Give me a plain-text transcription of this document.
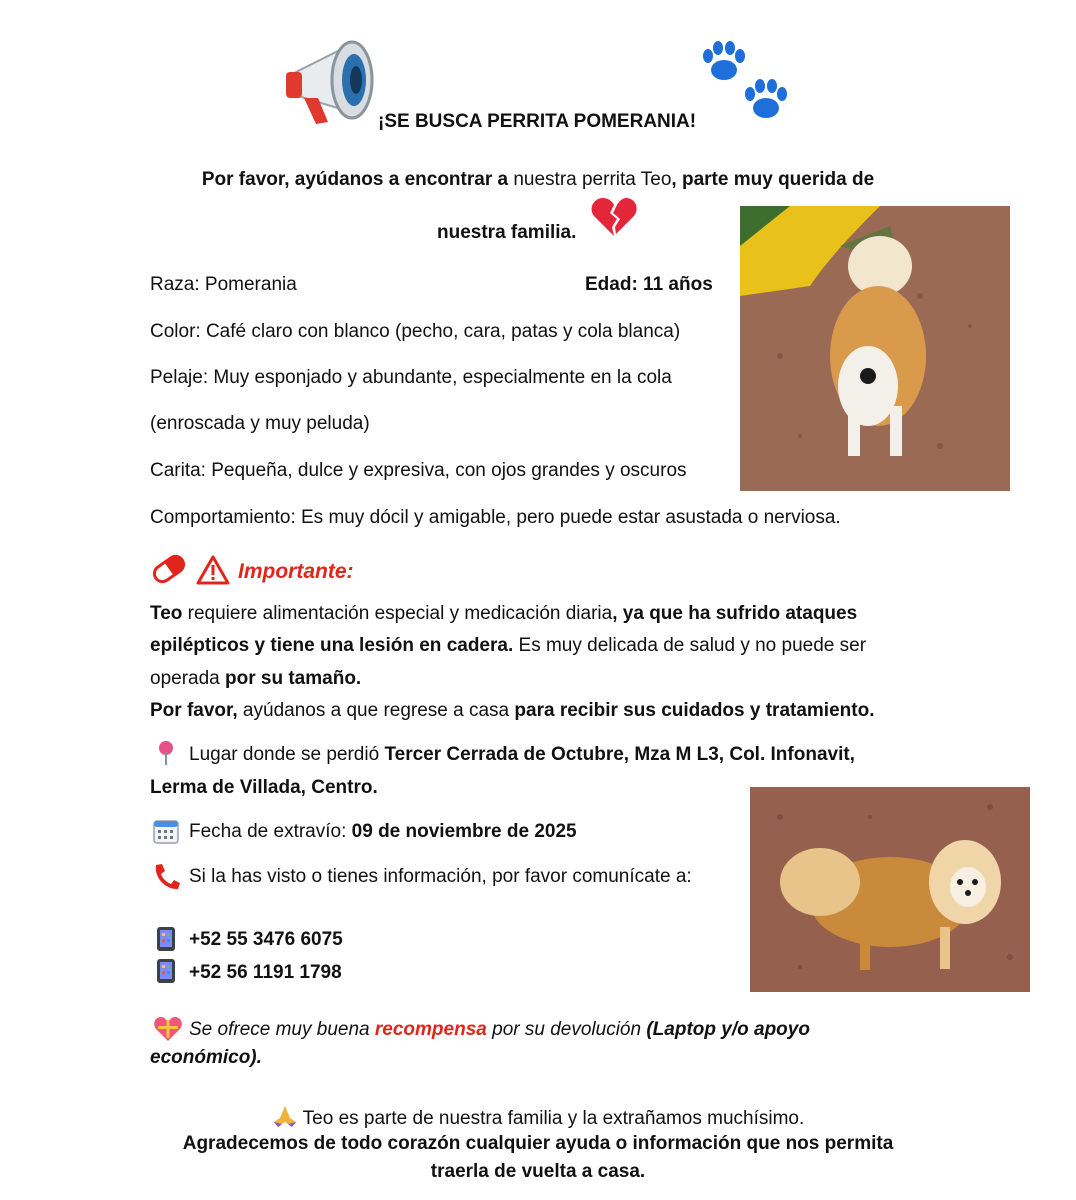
¡SE BUSCA PERRITA POMERANIA!
Por favor, ayúdanos a encontrar a nuestra perrita Teo, parte muy querida de
nuestra familia.
Raza: Pomerania	Edad: 11 años
Color: Café claro con blanco (pecho, cara, patas y cola blanca)
Pelaje: Muy esponjado y abundante, especialmente en la cola
(enroscada y muy peluda)
Carita: Pequeña, dulce y expresiva, con ojos grandes y oscuros
Comportamiento: Es muy dócil y amigable, pero puede estar asustada o nerviosa.
Importante:
Teo requiere alimentación especial y medicación diaria, ya que ha sufrido ataques
epilépticos y tiene una lesión en cadera. Es muy delicada de salud y no puede ser
operada por su tamaño.
Por favor, ayúdanos a que regrese a casa para recibir sus cuidados y tratamiento.
Lugar donde se perdió Tercer Cerrada de Octubre, Mza M L3, Col. Infonavit,
Lerma de Villada, Centro.
Fecha de extravío: 09 de noviembre de 2025
Si la has visto o tienes información, por favor comunícate a:
+52 55 3476 6075
+52 56 1191 1798
Se ofrece muy buena recompensa por su devolución (Laptop y/o apoyo
económico).
Teo es parte de nuestra familia y la extrañamos muchísimo.
Agradecemos de todo corazón cualquier ayuda o información que nos permita
traerla de vuelta a casa.
